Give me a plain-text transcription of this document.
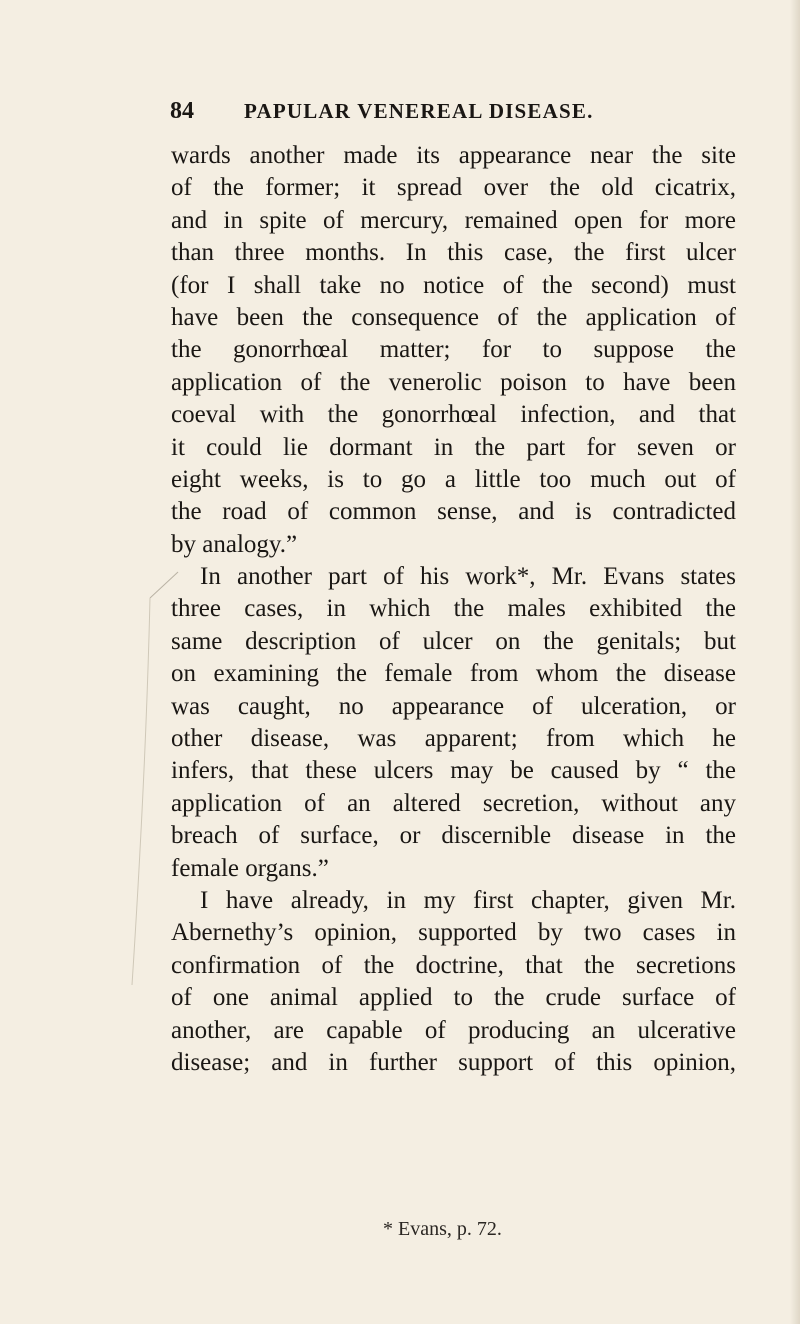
84 PAPULAR VENEREAL DISEASE.
wards another made its appearance near the site
of the former; it spread over the old cicatrix,
and in spite of mercury, remained open for more
than three months. In this case, the first ulcer
(for I shall take no notice of the second) must
have been the consequence of the application of
the gonorrhœal matter; for to suppose the
application of the venerolic poison to have been
coeval with the gonorrhœal infection, and that
it could lie dormant in the part for seven or
eight weeks, is to go a little too much out of
the road of common sense, and is contradicted
by analogy.”
In another part of his work*, Mr. Evans states
three cases, in which the males exhibited the
same description of ulcer on the genitals; but
on examining the female from whom the disease
was caught, no appearance of ulceration, or
other disease, was apparent; from which he
infers, that these ulcers may be caused by “ the
application of an altered secretion, without any
breach of surface, or discernible disease in the
female organs.”
I have already, in my first chapter, given Mr.
Abernethy’s opinion, supported by two cases in
confirmation of the doctrine, that the secretions
of one animal applied to the crude surface of
another, are capable of producing an ulcerative
disease; and in further support of this opinion,
* Evans, p. 72.
